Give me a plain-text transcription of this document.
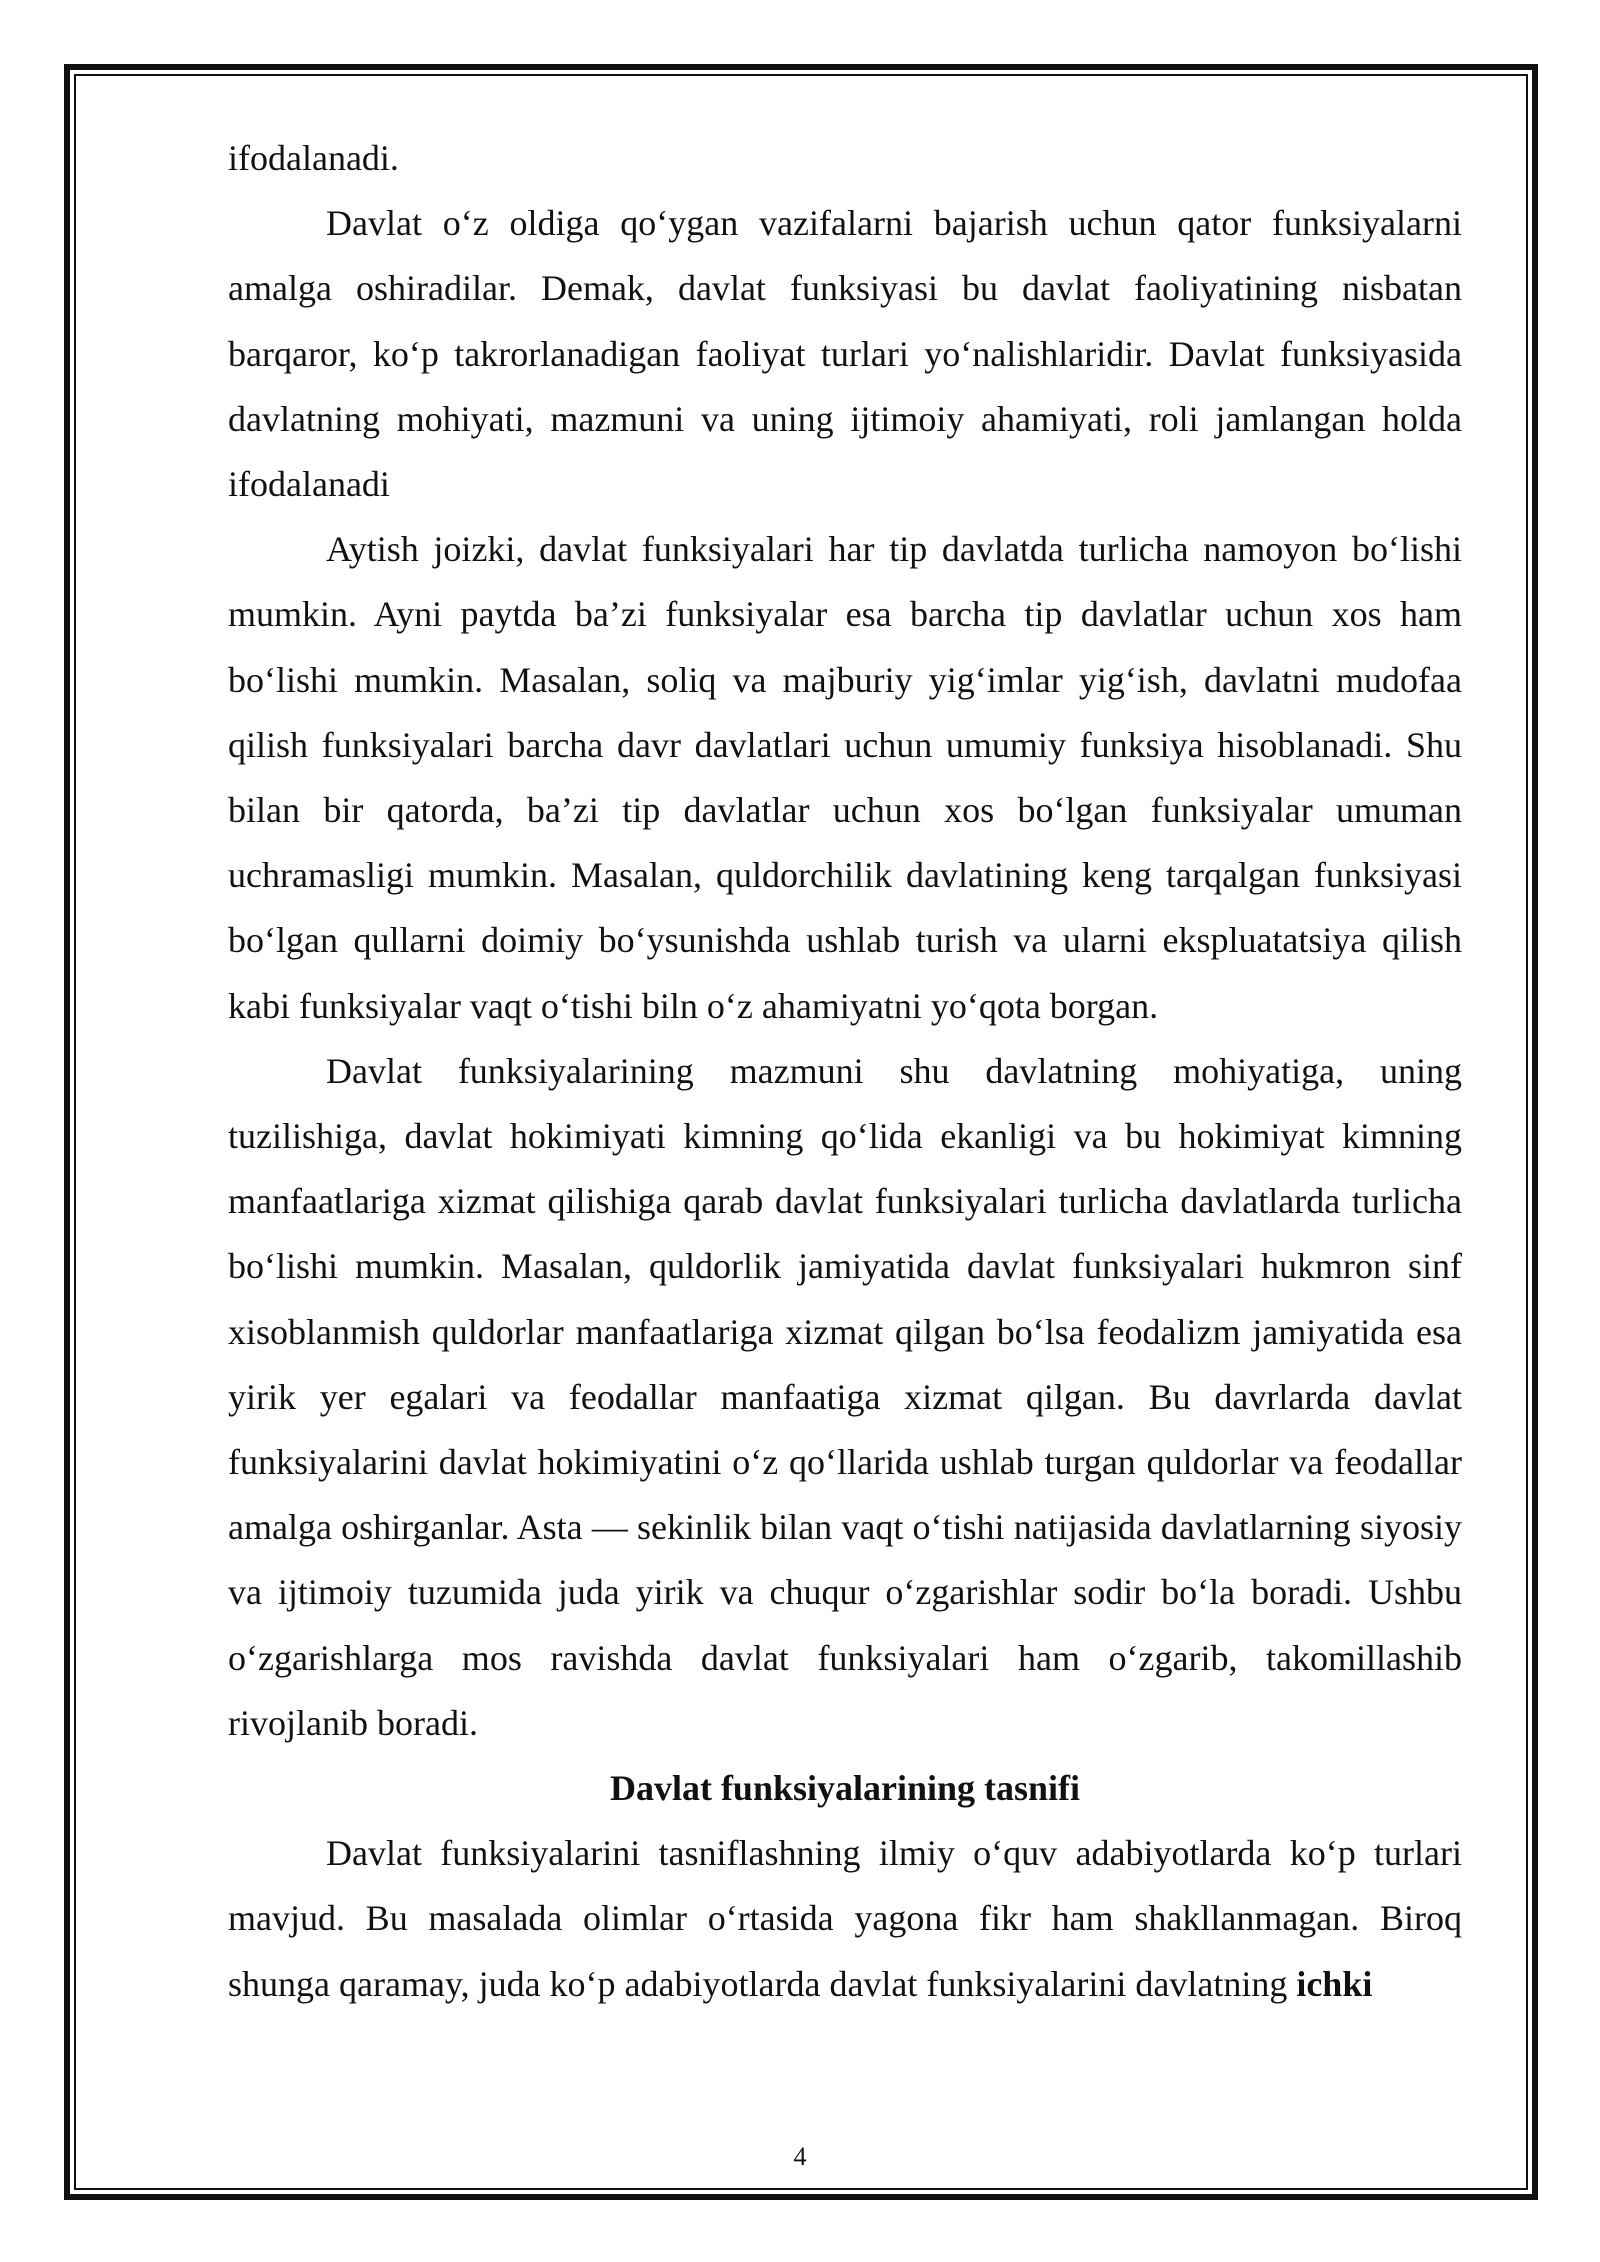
ifodalanadi.

Davlat o‘z oldiga qo‘ygan vazifalarni bajarish uchun qator funksiyalarni amalga oshiradilar. Demak, davlat funksiyasi bu davlat faoliyatining nisbatan barqaror, ko‘p takrorlanadigan faoliyat turlari yo‘nalishlaridir. Davlat funksiyasida davlatning mohiyati, mazmuni va uning ijtimoiy ahamiyati, roli jamlangan holda ifodalanadi

Aytish joizki, davlat funksiyalari har tip davlatda turlicha namoyon bo‘lishi mumkin. Ayni paytda ba’zi funksiyalar esa barcha tip davlatlar uchun xos ham bo‘lishi mumkin. Masalan, soliq va majburiy yig‘imlar yig‘ish, davlatni mudofaa qilish funksiyalari barcha davr davlatlari uchun umumiy funksiya hisoblanadi. Shu bilan bir qatorda, ba’zi tip davlatlar uchun xos bo‘lgan funksiyalar umuman uchramasligi mumkin. Masalan, quldorchilik davlatining keng tarqalgan funksiyasi bo‘lgan qullarni doimiy bo‘ysunishda ushlab turish va ularni ekspluatatsiya qilish kabi funksiyalar vaqt o‘tishi biln o‘z ahamiyatni yo‘qota borgan.

Davlat funksiyalarining mazmuni shu davlatning mohiyatiga, uning tuzilishiga, davlat hokimiyati kimning qo‘lida ekanligi va bu hokimiyat kimning manfaatlariga xizmat qilishiga qarab davlat funksiyalari turlicha davlatlarda turlicha bo‘lishi mumkin. Masalan, quldorlik jamiyatida davlat funksiyalari hukmron sinf xisoblanmish quldorlar manfaatlariga xizmat qilgan bo‘lsa feodalizm jamiyatida esa yirik yer egalari va feodallar manfaatiga xizmat qilgan. Bu davrlarda davlat funksiyalarini davlat hokimiyatini o‘z qo‘llarida ushlab turgan quldorlar va feodallar amalga oshirganlar. Asta — sekinlik bilan vaqt o‘tishi natijasida davlatlarning siyosiy va ijtimoiy tuzumida juda yirik va chuqur o‘zgarishlar sodir bo‘la boradi. Ushbu o‘zgarishlarga mos ravishda davlat funksiyalari ham o‘zgarib, takomillashib rivojlanib boradi.

Davlat funksiyalarining tasnifi

Davlat funksiyalarini tasniflashning ilmiy o‘quv adabiyotlarda ko‘p turlari mavjud. Bu masalada olimlar o‘rtasida yagona fikr ham shakllanmagan. Biroq shunga qaramay, juda ko‘p adabiyotlarda davlat funksiyalarini davlatning ichki

4
